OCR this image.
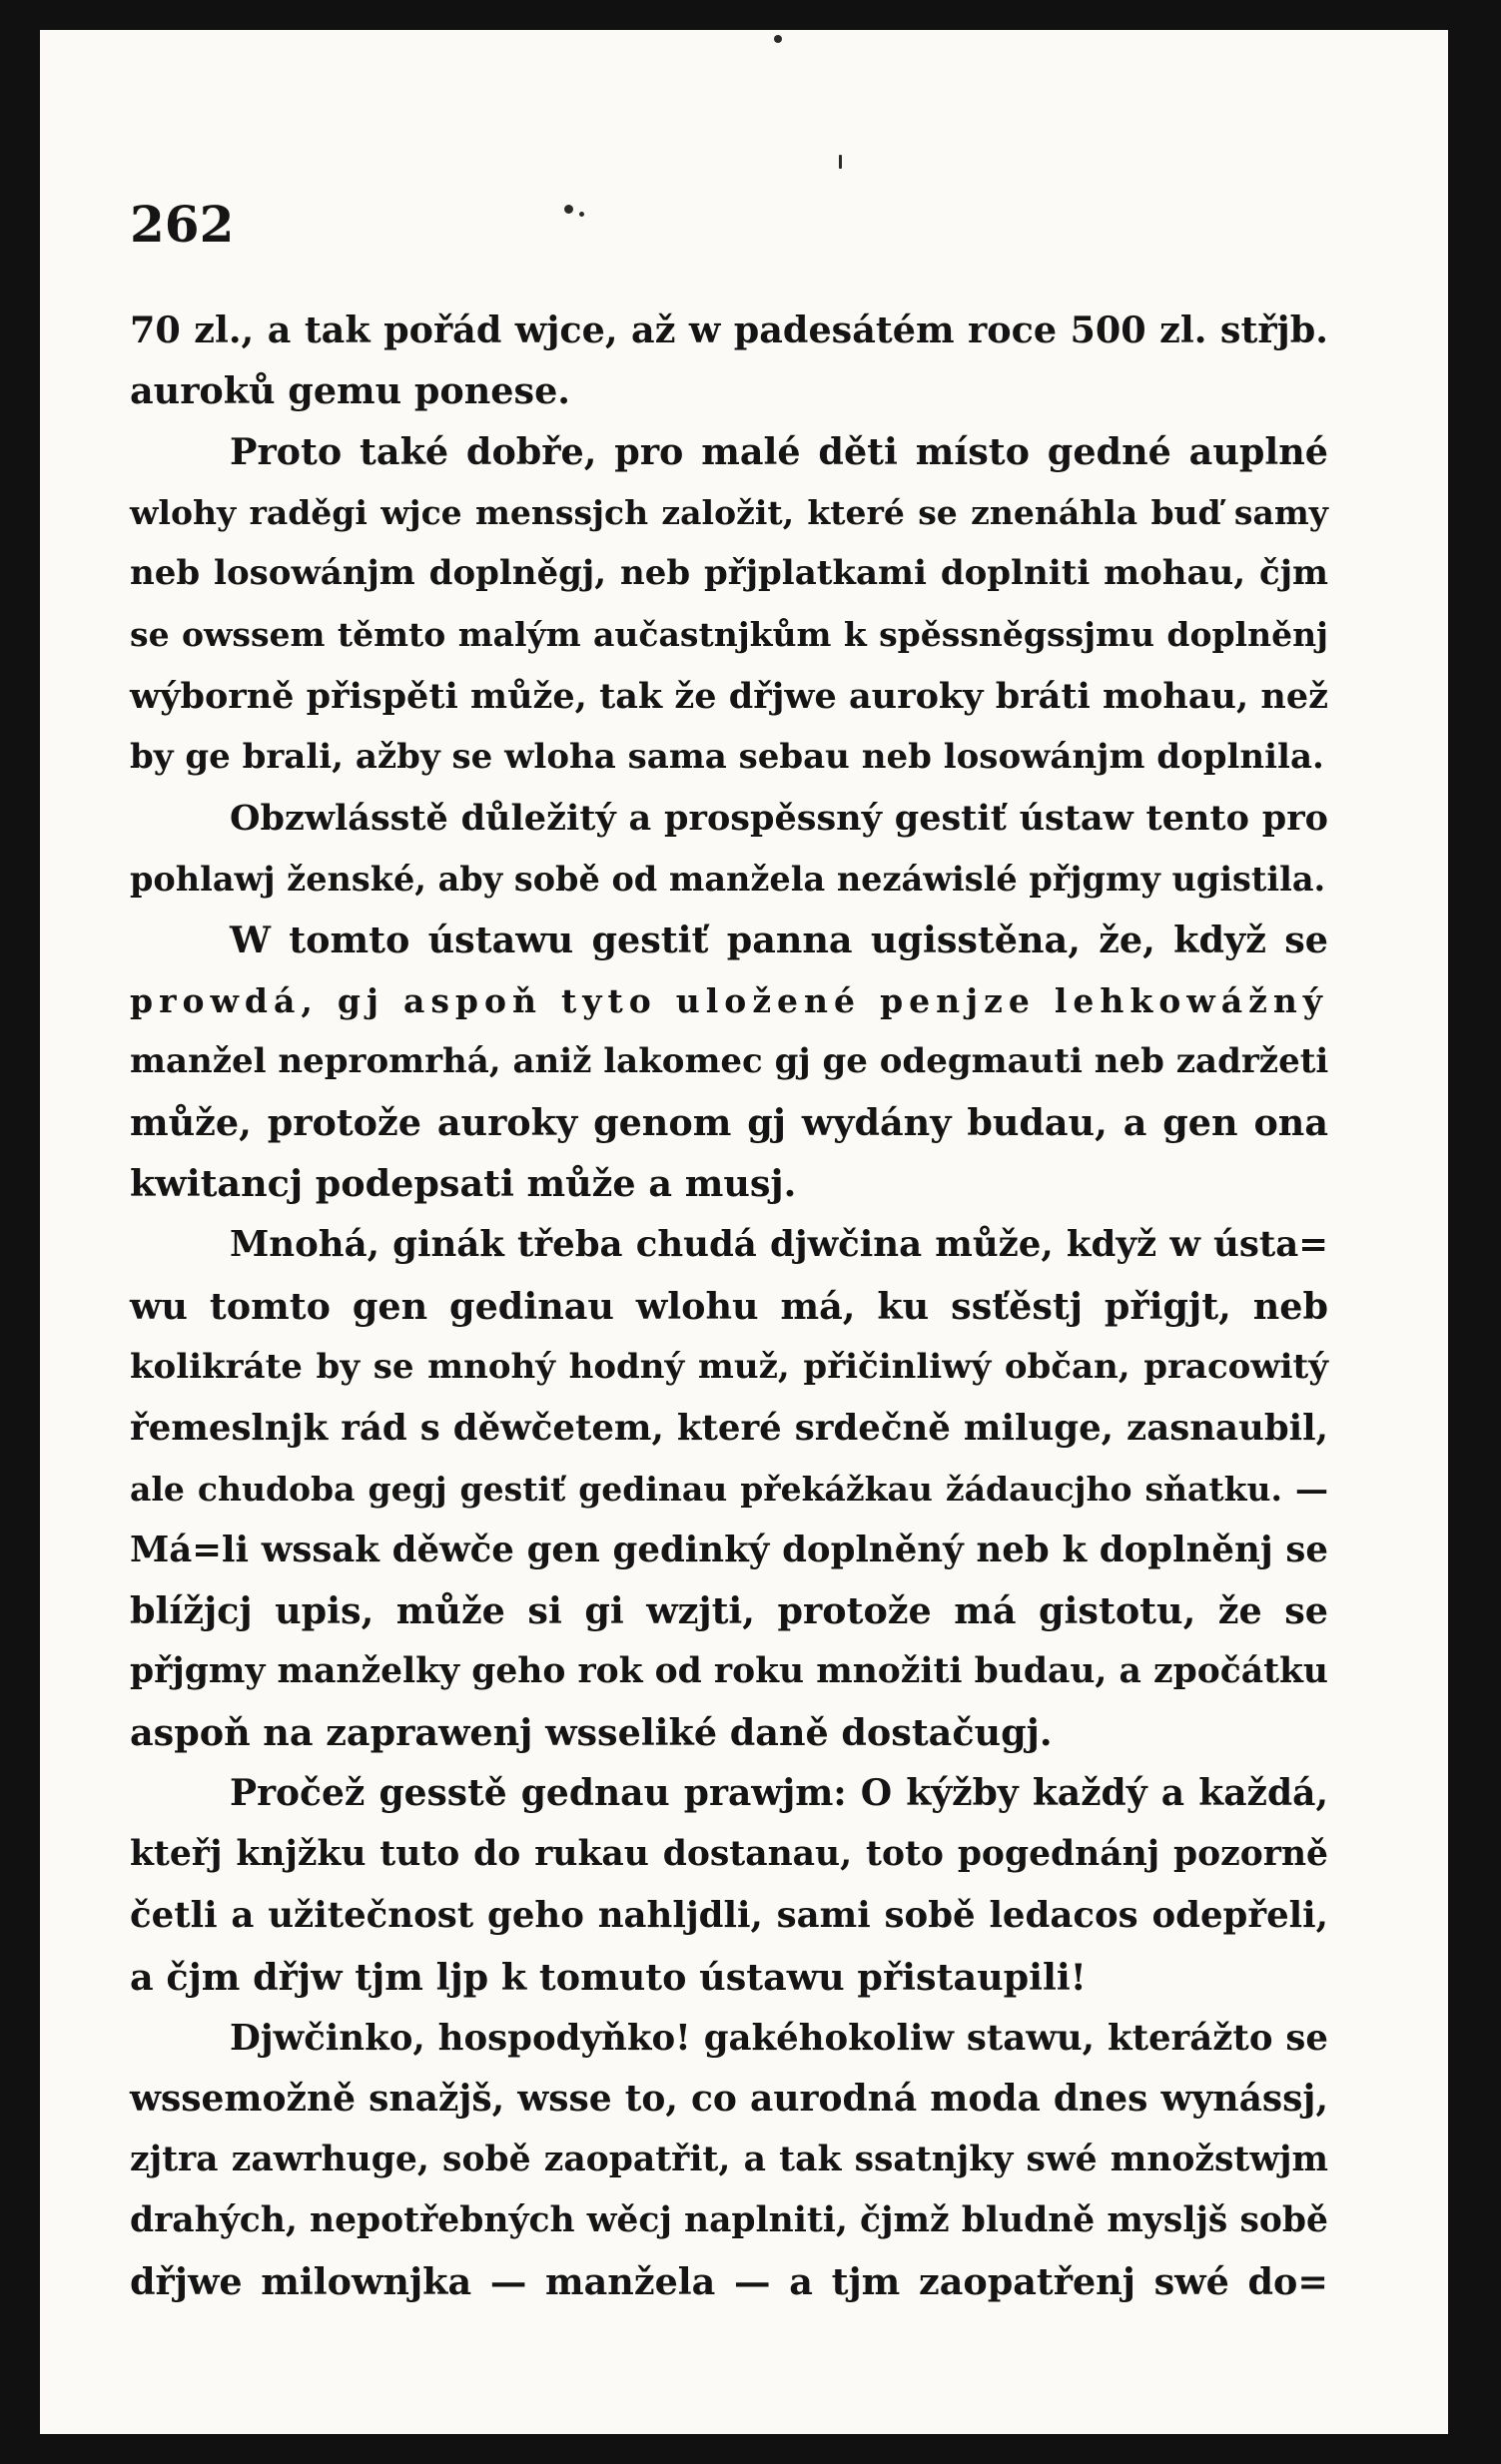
262
70 zl., a tak pořád wjce, až w padesátém roce 500 zl. střjb.
auroků gemu ponese.
Proto také dobře, pro malé děti místo gedné auplné
wlohy raděgi wjce menssjch založit, které se znenáhla buď samy
neb losowánjm doplněgj, neb přjplatkami doplniti mohau, čjm
se owssem těmto malým aučastnjkům k spěssněgssjmu doplněnj
wýborně přispěti může, tak že dřjwe auroky bráti mohau, než
by ge brali, ažby se wloha sama sebau neb losowánjm doplnila.
Obzwlásstě důležitý a prospěssný gestiť ústaw tento pro
pohlawj ženské, aby sobě od manžela nezáwislé přjgmy ugistila.
W tomto ústawu gestiť panna ugisstěna, že, když se
prowdá, gj aspoň tyto uložené penjze lehkowážný
manžel nepromrhá, aniž lakomec gj ge odegmauti neb zadržeti
může, protože auroky genom gj wydány budau, a gen ona
kwitancj podepsati může a musj.
Mnohá, ginák třeba chudá djwčina může, když w ústa=
wu tomto gen gedinau wlohu má, ku ssťěstj přigjt, neb
kolikráte by se mnohý hodný muž, přičinliwý občan, pracowitý
řemeslnjk rád s děwčetem, které srdečně miluge, zasnaubil,
ale chudoba gegj gestiť gedinau překážkau žádaucjho sňatku. —
Má=li wssak děwče gen gedinký doplněný neb k doplněnj se
blížjcj upis, může si gi wzjti, protože má gistotu, že se
přjgmy manželky geho rok od roku množiti budau, a zpočátku
aspoň na zaprawenj wsseliké daně dostačugj.
Pročež gesstě gednau prawjm: O kýžby každý a každá,
kteřj knjžku tuto do rukau dostanau, toto pogednánj pozorně
četli a užitečnost geho nahljdli, sami sobě ledacos odepřeli,
a čjm dřjw tjm ljp k tomuto ústawu přistaupili!
Djwčinko, hospodyňko! gakéhokoliw stawu, kterážto se
wssemožně snažjš, wsse to, co aurodná moda dnes wynássj,
zjtra zawrhuge, sobě zaopatřit, a tak ssatnjky swé množstwjm
drahých, nepotřebných wěcj naplniti, čjmž bludně mysljš sobě
dřjwe milownjka — manžela — a tjm zaopatřenj swé do=
